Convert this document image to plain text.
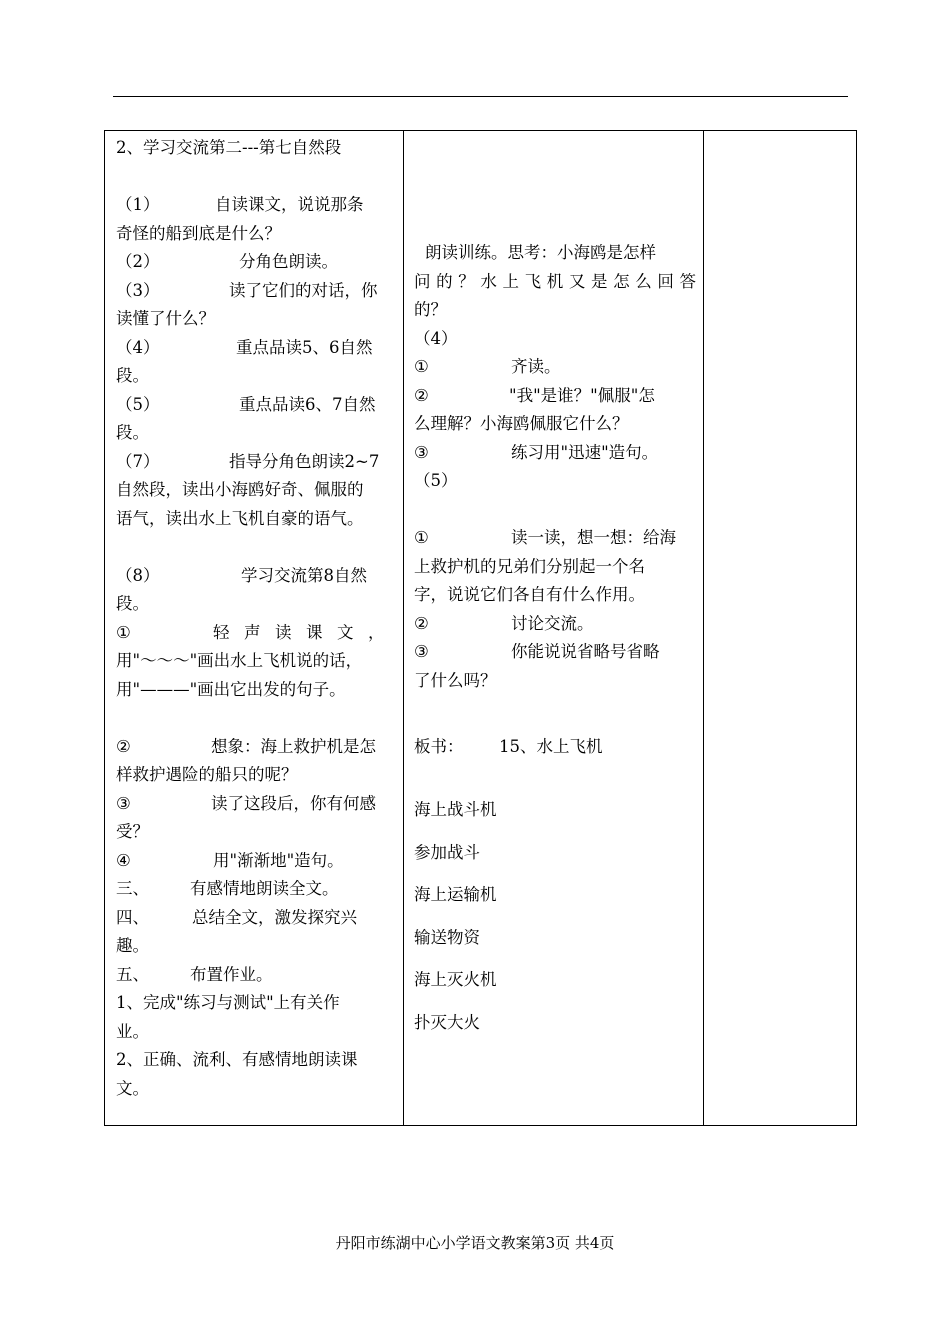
2、学习交流第二---第七自然段
（1）	自读课文，说说那条
奇怪的船到底是什么？
（2）	分角色朗读。
（3）	读了它们的对话，你
读懂了什么？
（4）	重点品读5、6自然
段。
（5）	重点品读6、7自然
段。
（7）	指导分角色朗读2~7
自然段，读出小海鸥好奇、佩服的
语气，读出水上飞机自豪的语气。
（8）	学习交流第8自然
段。
①	轻声读课文，
用"～～～"画出水上飞机说的话，
用"———"画出它出发的句子。
②	想象：海上救护机是怎
样救护遇险的船只的呢？
③	读了这段后，你有何感
受？
④	用"渐渐地"造句。
三、 有感情地朗读全文。
四、	总结全文，激发探究兴
趣。
五、 布置作业。
1、完成"练习与测试"上有关作
业。
2、正确、流利、有感情地朗读课
文。
朗读训练。思考：小海鸥是怎样
问的？水上飞机又是怎么回答
的？
（4）
①	齐读。
②	"我"是谁？"佩服"怎
么理解？小海鸥佩服它什么？
③	练习用"迅速"造句。
（5）
①	读一读，想一想：给海
上救护机的兄弟们分别起一个名
字，说说它们各自有什么作用。
②	讨论交流。
③	你能说说省略号省略
了什么吗？
板书： 15、水上飞机
海上战斗机
参加战斗
海上运输机
输送物资
海上灭火机
扑灭大火
丹阳市练湖中心小学语文教案第3页 共4页
